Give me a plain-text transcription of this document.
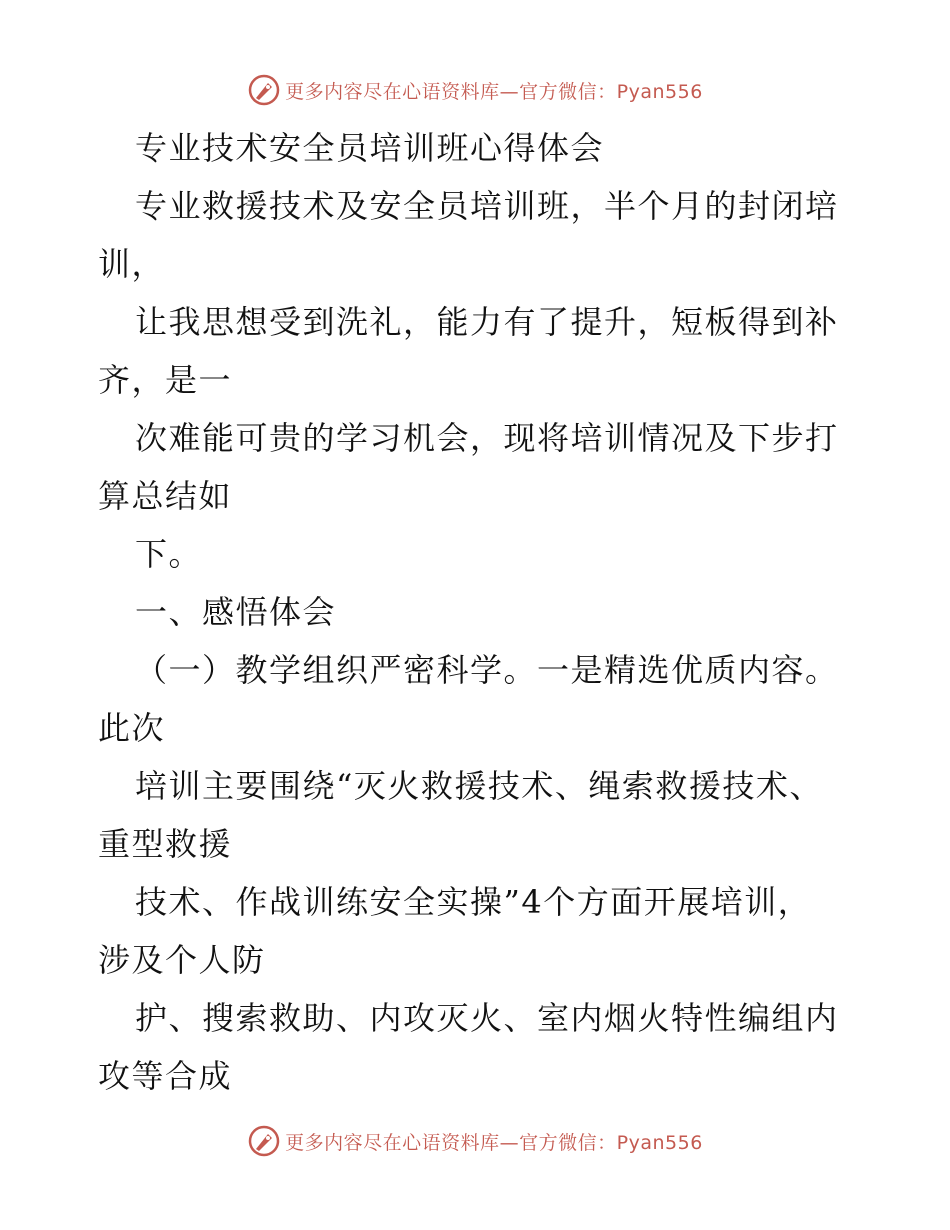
更多内容尽在心语资料库—官方微信：Pyan556
专业技术安全员培训班心得体会
专业救援技术及安全员培训班，半个月的封闭培
训，
让我思想受到洗礼，能力有了提升，短板得到补
齐，是一
次难能可贵的学习机会，现将培训情况及下步打
算总结如
下。
一、感悟体会
（一）教学组织严密科学。一是精选优质内容。
此次
培训主要围绕“灭火救援技术、绳索救援技术、
重型救援
技术、作战训练安全实操”4个方面开展培训，
涉及个人防
护、搜索救助、内攻灭火、室内烟火特性编组内
攻等合成
更多内容尽在心语资料库—官方微信：Pyan556
